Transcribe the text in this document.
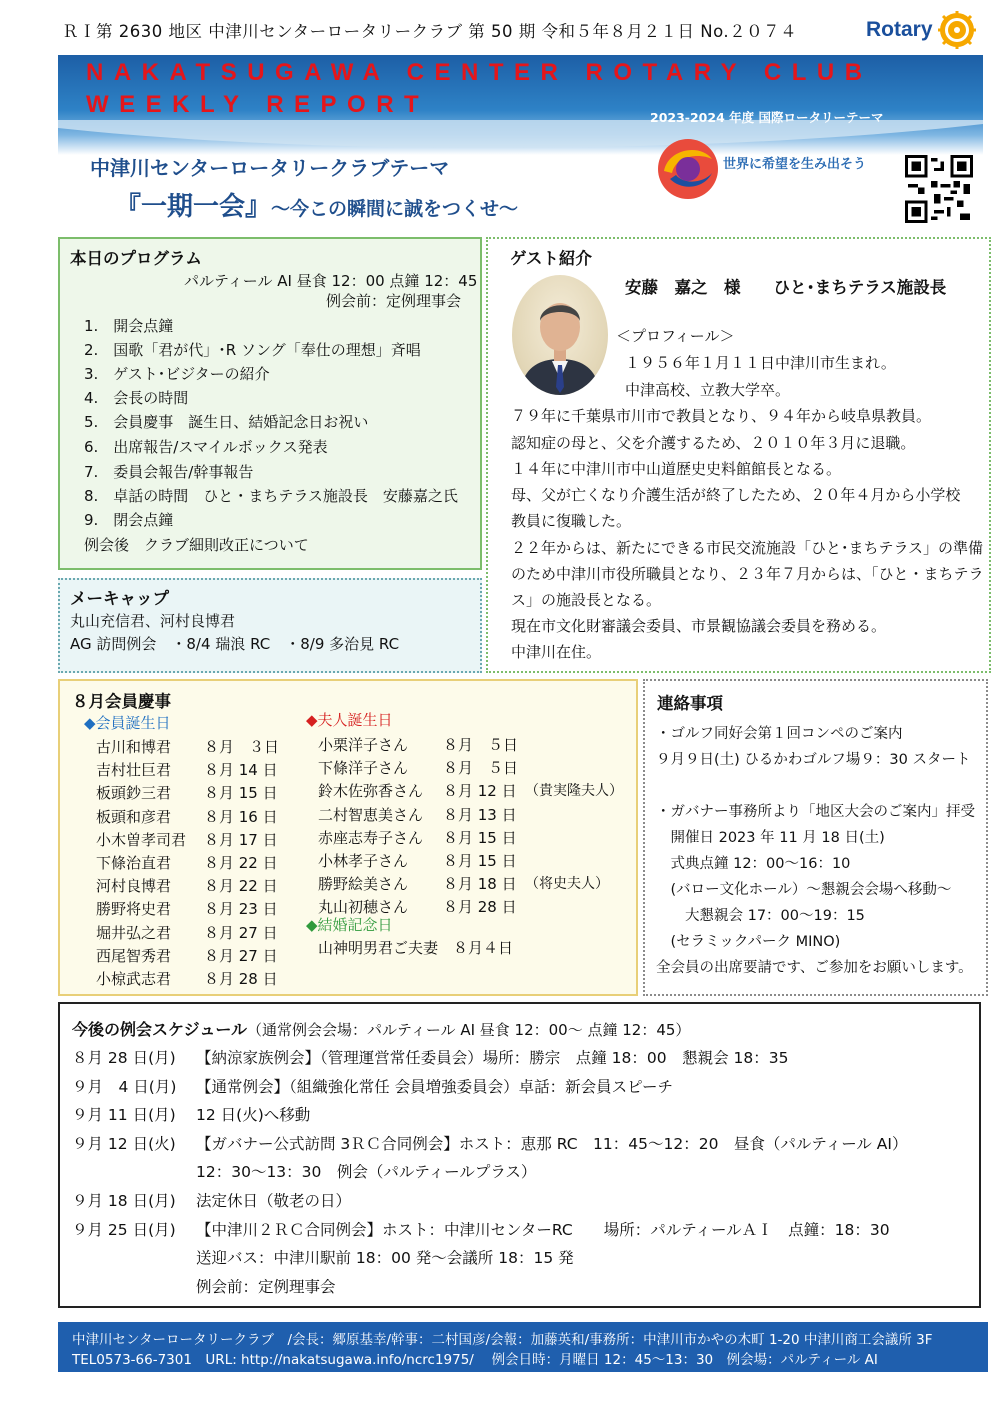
ＲＩ第 2630 地区 中津川センターロータリークラブ 第 50 期 令和５年８月２１日 No.２０７４	Rotary
NAKATSUGAWA CENTER ROTARY CLUB
WEEKLY REPORT	2023-2024 年度 国際ロータリーテーマ
中津川センターロータリークラブテーマ
『一期一会』～今この瞬間に誠をつくせ～
世界に希望を生み出そう
本日のプログラム
パルティール AI 昼食 12：00 点鐘 12：45
例会前：定例理事会
1.　開会点鐘
2.　国歌「君が代」･R ソング「奉仕の理想」斉唱
3.　ゲスト･ビジターの紹介
4.　会長の時間
5.　会員慶事　誕生日、結婚記念日お祝い
6.　出席報告/スマイルボックス発表
7.　委員会報告/幹事報告
8.　卓話の時間　ひと・まちテラス施設長　安藤嘉之氏
9.　閉会点鐘
例会後　クラブ細則改正について
メーキャップ
丸山充信君、河村良博君
AG 訪問例会　・8/4 瑞浪 RC　・8/9 多治見 RC
ゲスト紹介
安藤　嘉之　様　　ひと･まちテラス施設長
＜プロフィール＞
１９５６年１月１１日中津川市生まれ。
中津高校、立教大学卒。
７９年に千葉県市川市で教員となり、９４年から岐阜県教員。
認知症の母と、父を介護するため、２０１０年３月に退職。
１４年に中津川市中山道歴史史料館館長となる。
母、父が亡くなり介護生活が終了したため、２０年４月から小学校
教員に復職した。
２２年からは、新たにできる市民交流施設「ひと･まちテラス」の準備
のため中津川市役所職員となり、２３年７月からは、「ひと・まちテラ
ス」の施設長となる。
現在市文化財審議会委員、市景観協議会委員を務める。
中津川在住。
８月会員慶事
◆会員誕生日
古川和博君 ８月　３日
吉村壮巨君 ８月 14 日
板頭鈔三君 ８月 15 日
板頭和彦君 ８月 16 日
小木曽孝司君 ８月 17 日
下條治直君 ８月 22 日
河村良博君 ８月 22 日
勝野将史君 ８月 23 日
堀井弘之君 ８月 27 日
西尾智秀君 ８月 27 日
小椋武志君 ８月 28 日
◆夫人誕生日
小栗洋子さん ８月　５日
下條洋子さん ８月　５日
鈴木佐弥香さん ８月 12 日 （貴実隆夫人）
二村智恵美さん ８月 13 日
赤座志寿子さん ８月 15 日
小林孝子さん ８月 15 日
勝野絵美さん ８月 18 日 （将史夫人）
丸山初穂さん ８月 28 日
◆結婚記念日
山神明男君ご夫妻　８月４日
連絡事項
・ゴルフ同好会第１回コンペのご案内
９月９日(土) ひるかわゴルフ場９：30 スタート
・ガバナー事務所より「地区大会のご案内」拝受
　開催日 2023 年 11 月 18 日(土)
　式典点鐘 12：00～16：10
　(バロー文化ホール）～懇親会会場へ移動～
　　大懇親会 17：00～19：15
　(セラミックパーク MINO)
全会員の出席要請です、ご参加をお願いします。
今後の例会スケジュール（通常例会会場：パルティール AI 昼食 12：00～ 点鐘 12：45）
８月 28 日(月) 【納涼家族例会】（管理運営常任委員会）場所：勝宗　点鐘 18：00　懇親会 18：35
９月　4 日(月) 【通常例会】（組織強化常任 会員増強委員会）卓話：新会員スピーチ
９月 11 日(月) 12 日(火)へ移動
９月 12 日(火) 【ガバナー公式訪問 3ＲＣ合同例会】ホスト：恵那 RC　11：45～12：20　昼食（パルティール AI）
12：30～13：30　例会（パルティールプラス）
９月 18 日(月) 法定休日（敬老の日）
９月 25 日(月) 【中津川２ＲＣ合同例会】ホスト：中津川センターRC　　場所：パルティールＡＩ　点鐘：18：30
送迎バス：中津川駅前 18：00 発～会議所 18：15 発
例会前：定例理事会
中津川センターロータリークラブ　/会長：郷原基幸/幹事：二村国彦/会報：加藤英和/事務所：中津川市かやの木町 1-20 中津川商工会議所 3F
TEL0573-66-7301　URL: http://nakatsugawa.info/ncrc1975/　 例会日時：月曜日 12：45～13：30　例会場：パルティール AI
